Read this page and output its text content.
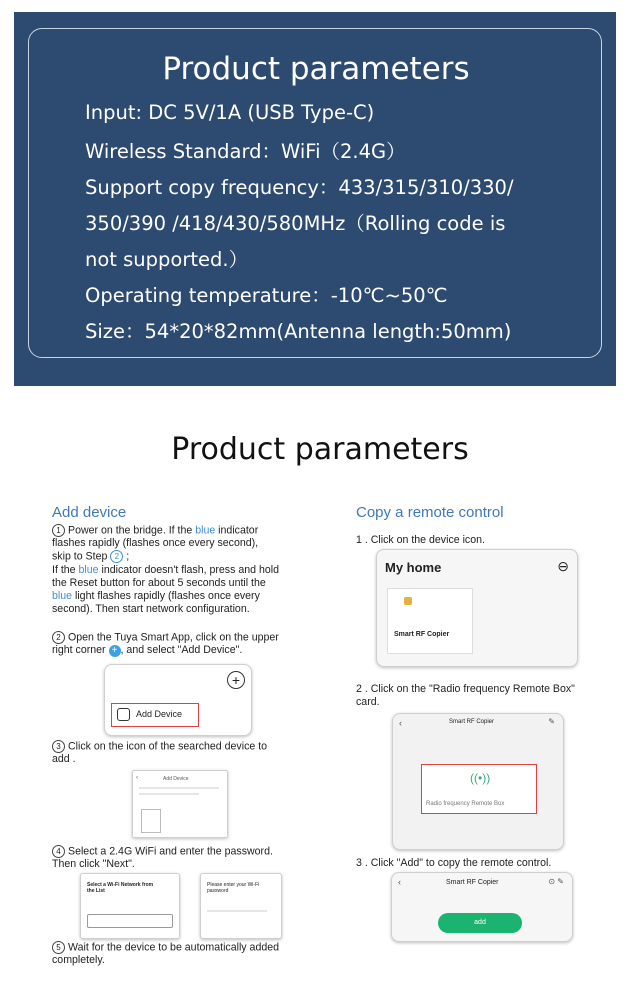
Product parameters
Input: DC 5V/1A (USB Type-C)
Wireless Standard：WiFi（2.4G）
Support copy frequency：433/315/310/330/
350/390 /418/430/580MHz（Rolling code is
not supported.）
Operating temperature：-10℃~50℃
Size：54*20*82mm(Antenna length:50mm)
Product parameters
Add device
1 Power on the bridge. If the blue indicator
flashes rapidly (flashes once every second),
skip to Step 2 ;
If the blue indicator doesn't flash, press and hold
the Reset button for about 5 seconds until the
blue light flashes rapidly (flashes once every
second). Then start network configuration.
2 Open the Tuya Smart App, click on the upper
right corner + , and select "Add Device".
+
Add Device
3 Click on the icon of the searched device to
add .
‹	Add Device
4 Select a 2.4G WiFi and enter the password.
Then click "Next".
Select a Wi-Fi Network from the List
Please enter your Wi-Fi password
5 Wait for the device to be automatically added
completely.
Copy a remote control
1 . Click on the device icon.
My home	⊖
Smart RF Copier
2 . Click on the "Radio frequency Remote Box"
card.
‹	Smart RF Copier	✎
((•))
Radio frequency Remote Box
3 . Click "Add" to copy the remote control.
‹	Smart RF Copier	⊙ ✎
add
